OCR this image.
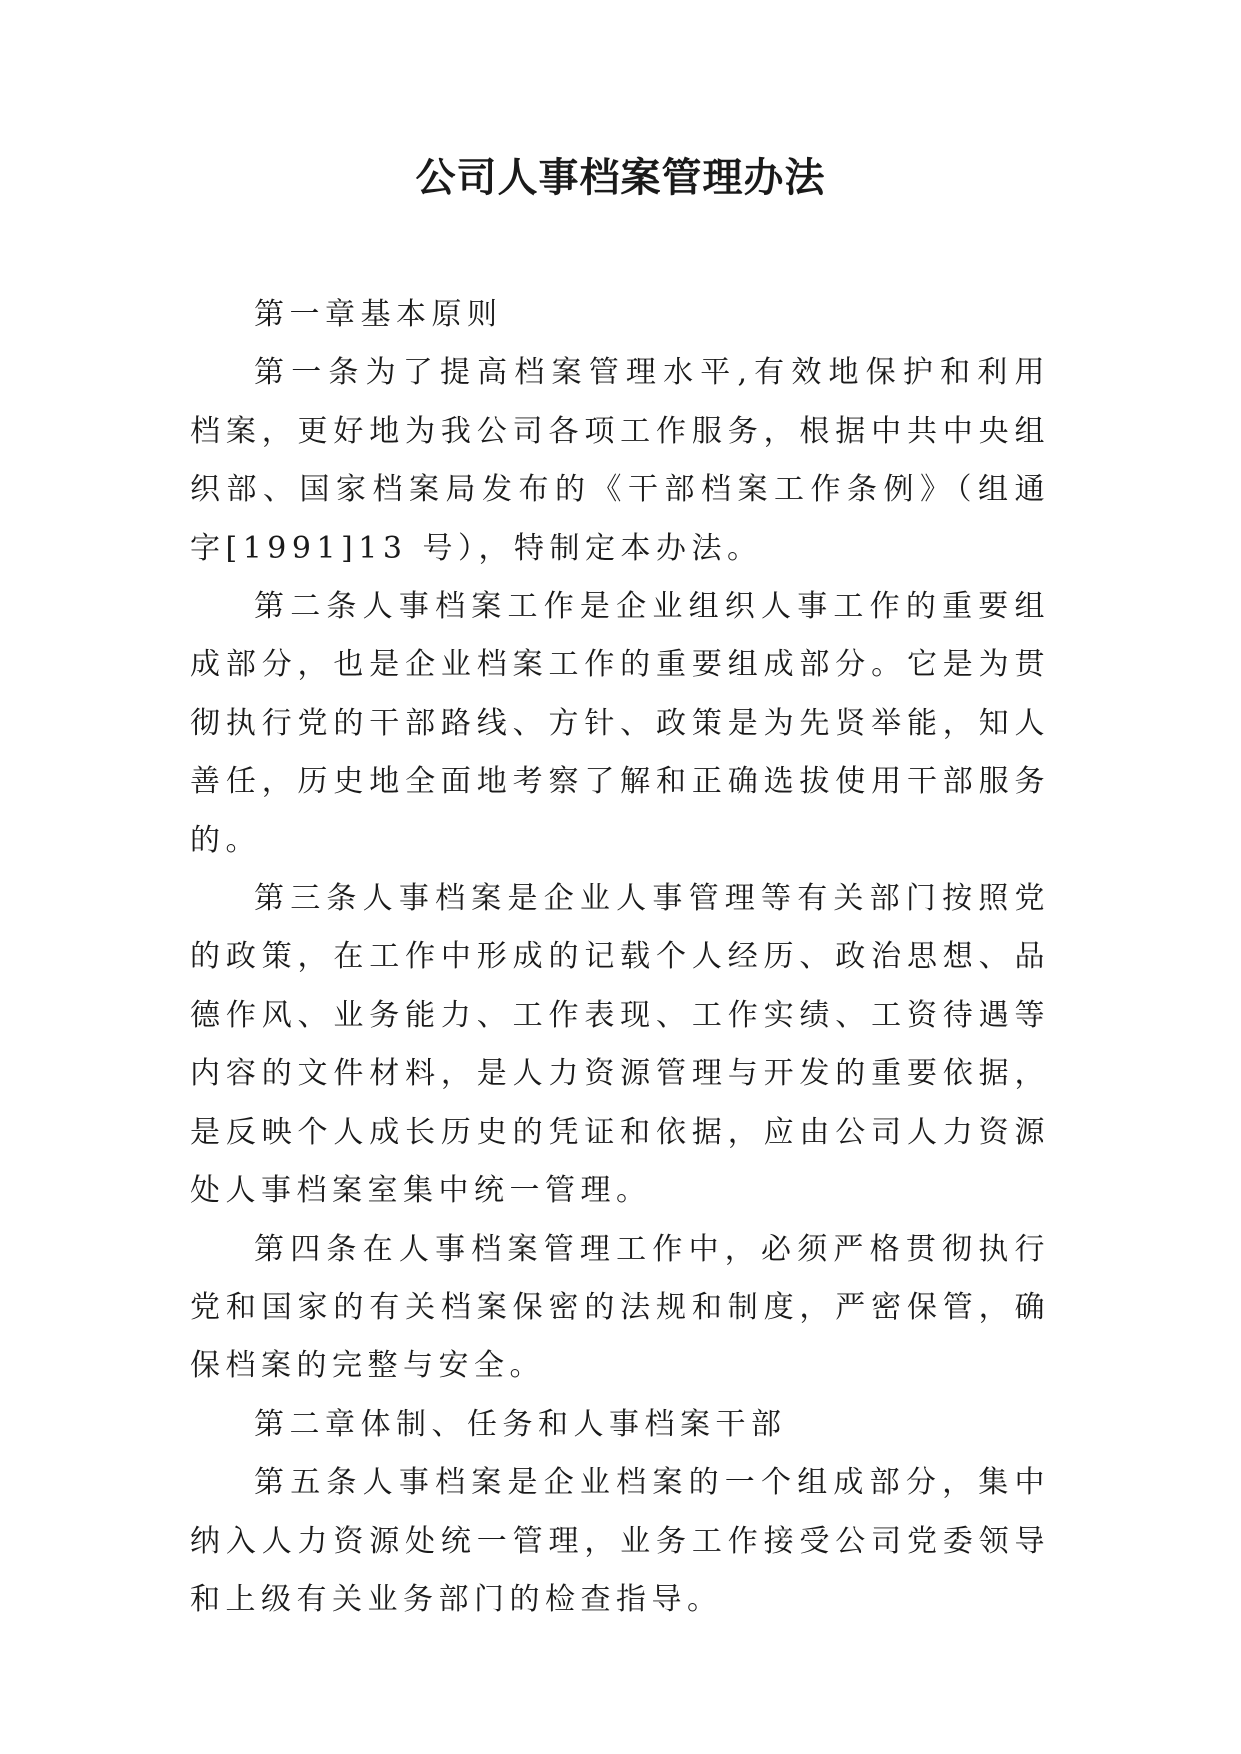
公司人事档案管理办法

第一章基本原则

第一条为了提高档案管理水平,有效地保护和利用档案，更好地为我公司各项工作服务，根据中共中央组织部、国家档案局发布的《干部档案工作条例》（组通字[1991]13 号），特制定本办法。

第二条人事档案工作是企业组织人事工作的重要组成部分，也是企业档案工作的重要组成部分。它是为贯彻执行党的干部路线、方针、政策是为先贤举能，知人善任，历史地全面地考察了解和正确选拔使用干部服务的。

第三条人事档案是企业人事管理等有关部门按照党的政策，在工作中形成的记载个人经历、政治思想、品德作风、业务能力、工作表现、工作实绩、工资待遇等内容的文件材料，是人力资源管理与开发的重要依据，是反映个人成长历史的凭证和依据，应由公司人力资源处人事档案室集中统一管理。

第四条在人事档案管理工作中，必须严格贯彻执行党和国家的有关档案保密的法规和制度，严密保管，确保档案的完整与安全。

第二章体制、任务和人事档案干部

第五条人事档案是企业档案的一个组成部分，集中纳入人力资源处统一管理，业务工作接受公司党委领导和上级有关业务部门的检查指导。
